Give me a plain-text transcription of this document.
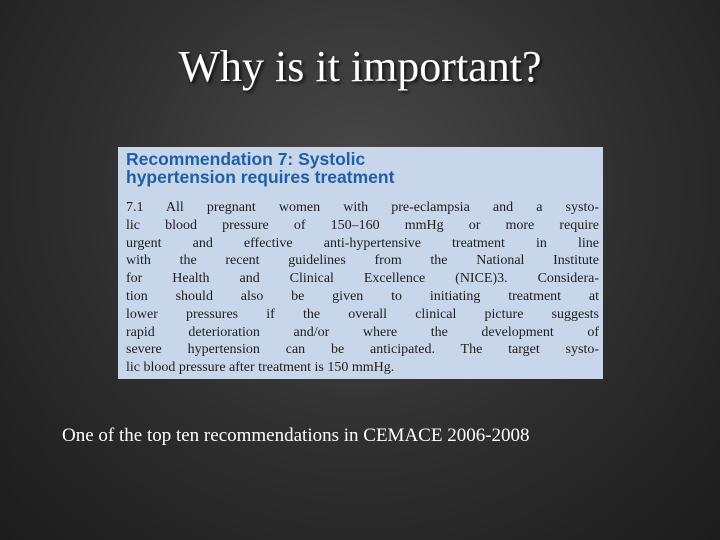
Why is it important?

Recommendation 7: Systolic
hypertension requires treatment

7.1 All pregnant women with pre-eclampsia and a systo-
lic blood pressure of 150–160 mmHg or more require
urgent and effective anti-hypertensive treatment in line
with the recent guidelines from the National Institute
for Health and Clinical Excellence (NICE)3. Considera-
tion should also be given to initiating treatment at
lower pressures if the overall clinical picture suggests
rapid deterioration and/or where the development of
severe hypertension can be anticipated. The target systo-
lic blood pressure after treatment is 150 mmHg.
One of the top ten recommendations in CEMACE 2006-2008
